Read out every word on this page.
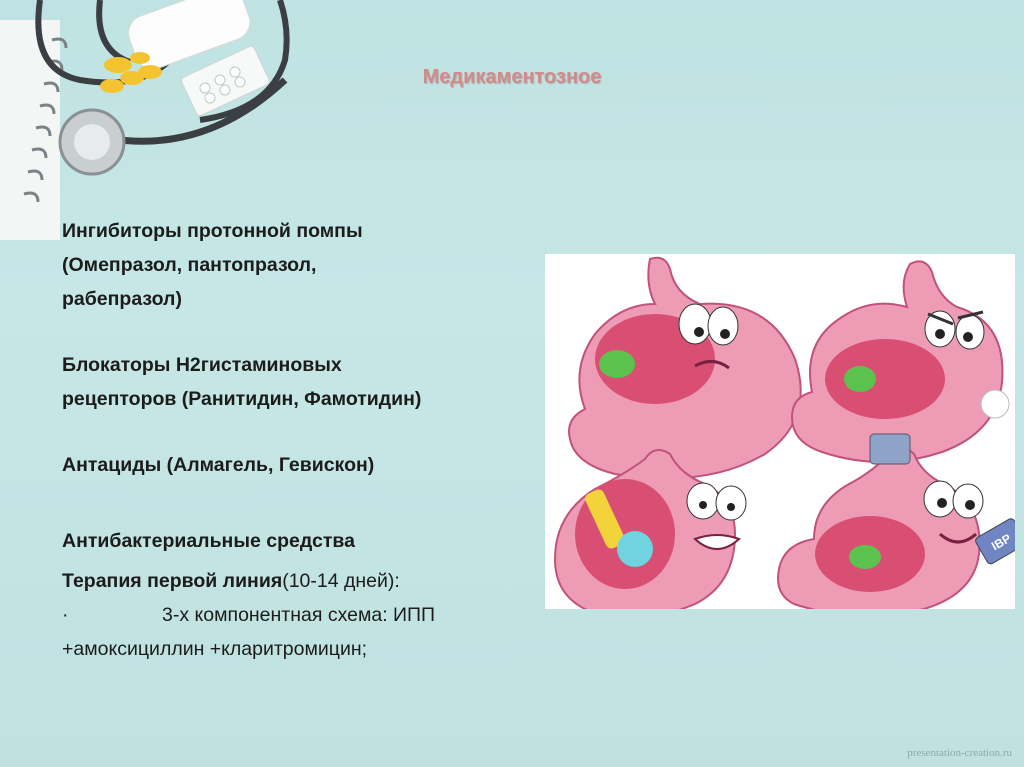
Медикаментозное
Ингибиторы протонной помпы
(Омепразол, пантопразол,
рабепразол)
Блокаторы Н2гистаминовых
рецепторов (Ранитидин, Фамотидин)
Антациды (Алмагель, Гевискон)
Антибактериальные средства
Терапия первой линия(10-14 дней):
·	3-х компонентная схема: ИПП
+амоксициллин +кларитромицин;
IBP
presentation-creation.ru
